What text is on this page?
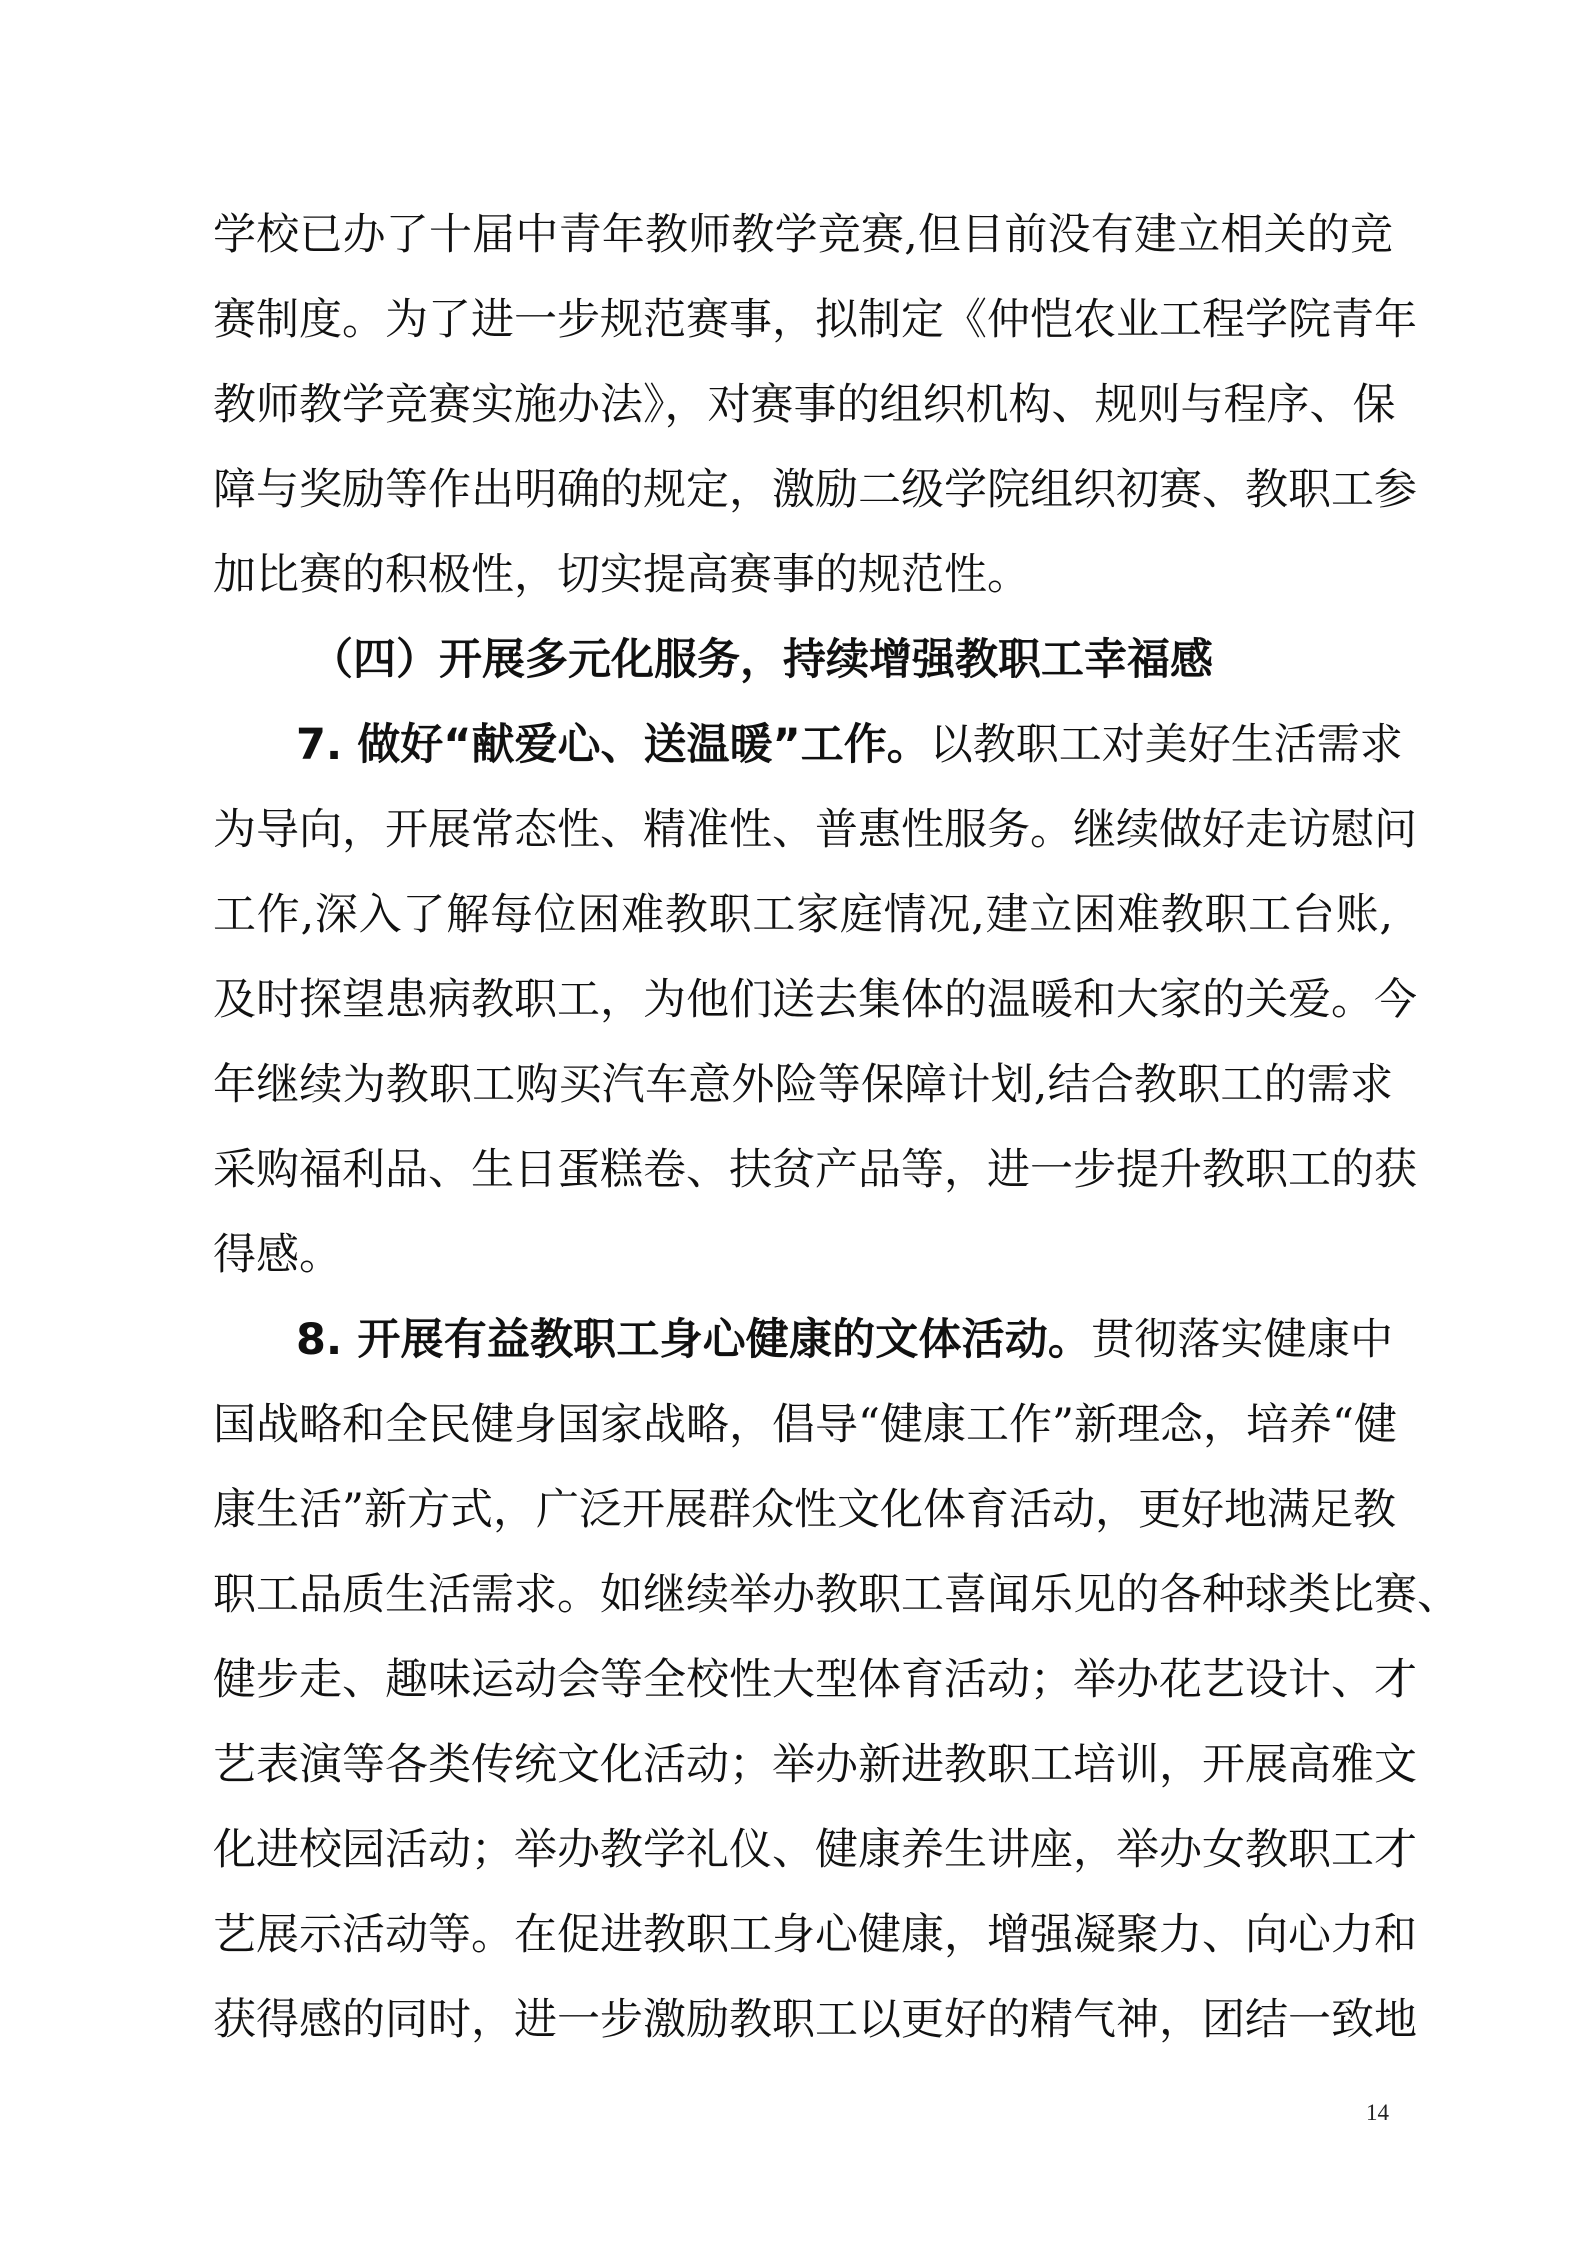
学校已办了十届中青年教师教学竞赛,但目前没有建立相关的竞
赛制度。为了进一步规范赛事，拟制定《仲恺农业工程学院青年
教师教学竞赛实施办法》，对赛事的组织机构、规则与程序、保
障与奖励等作出明确的规定，激励二级学院组织初赛、教职工参
加比赛的积极性，切实提高赛事的规范性。
（四）开展多元化服务，持续增强教职工幸福感
7. 做好“献爱心、送温暖”工作。以教职工对美好生活需求
为导向，开展常态性、精准性、普惠性服务。继续做好走访慰问
工作,深入了解每位困难教职工家庭情况,建立困难教职工台账,
及时探望患病教职工，为他们送去集体的温暖和大家的关爱。今
年继续为教职工购买汽车意外险等保障计划,结合教职工的需求
采购福利品、生日蛋糕卷、扶贫产品等，进一步提升教职工的获
得感。
8. 开展有益教职工身心健康的文体活动。贯彻落实健康中
国战略和全民健身国家战略，倡导“健康工作”新理念，培养“健
康生活”新方式，广泛开展群众性文化体育活动，更好地满足教
职工品质生活需求。如继续举办教职工喜闻乐见的各种球类比赛、
健步走、趣味运动会等全校性大型体育活动；举办花艺设计、才
艺表演等各类传统文化活动；举办新进教职工培训，开展高雅文
化进校园活动；举办教学礼仪、健康养生讲座，举办女教职工才
艺展示活动等。在促进教职工身心健康，增强凝聚力、向心力和
获得感的同时，进一步激励教职工以更好的精气神，团结一致地
14
